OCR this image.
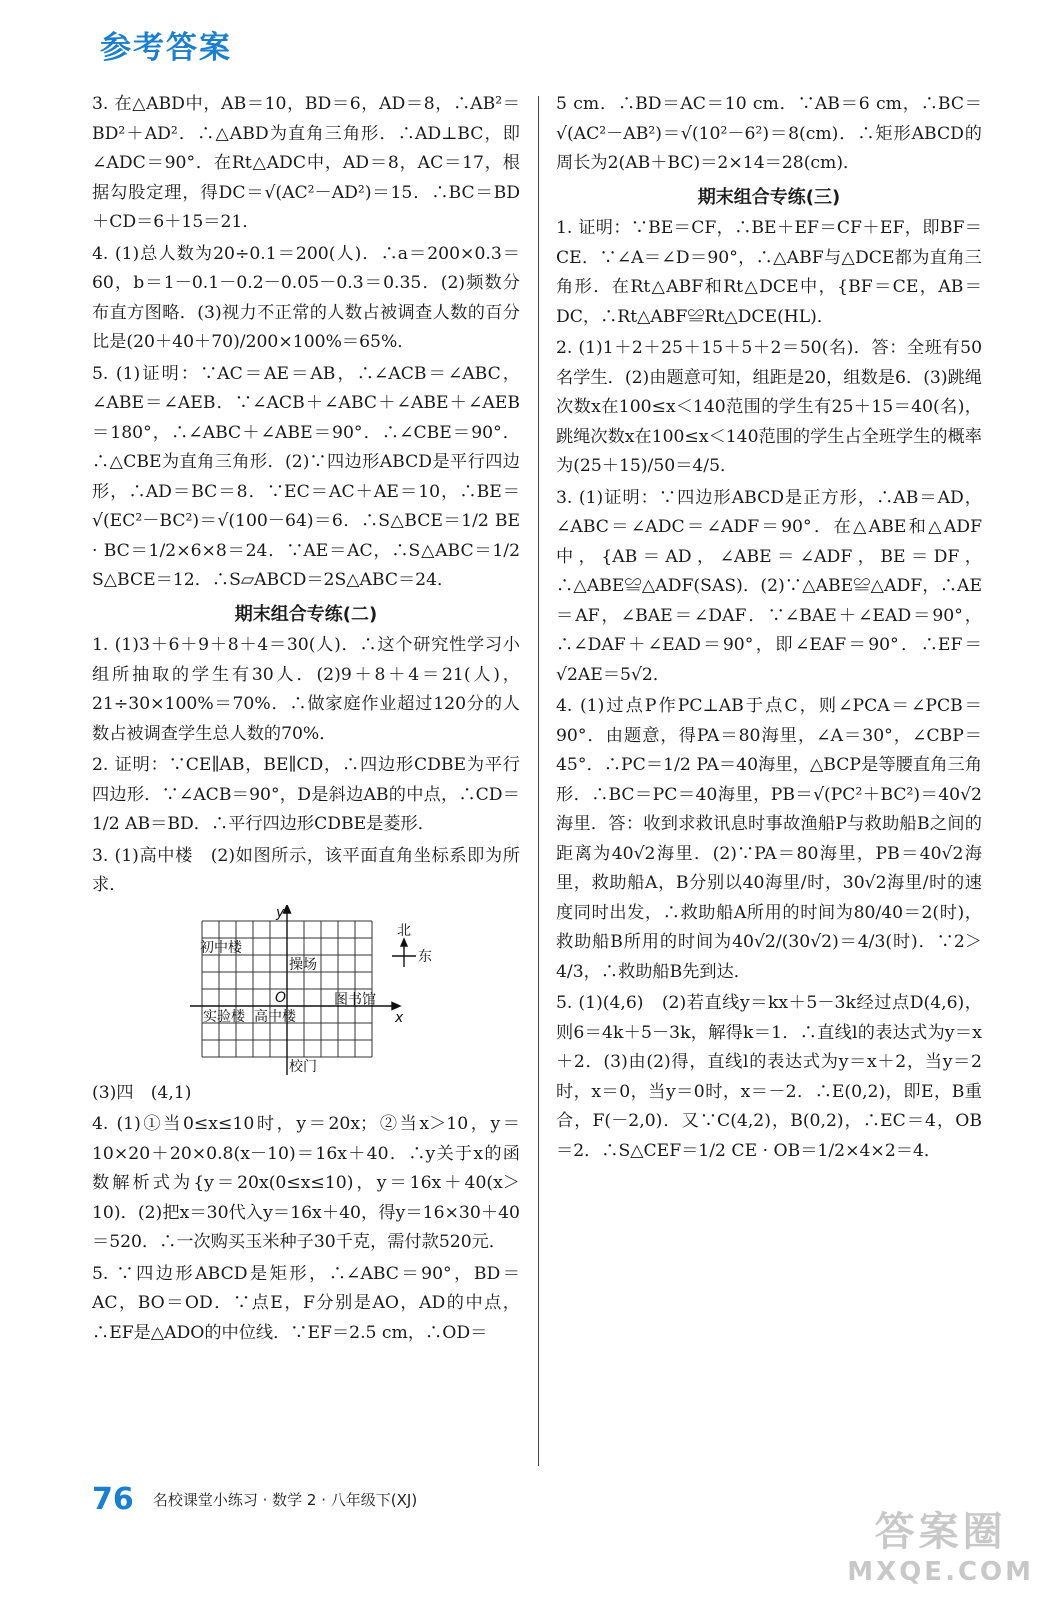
参考答案

3. 在△ABD中，AB＝10，BD＝6，AD＝8，∴AB²＝BD²＋AD²．∴△ABD为直角三角形．∴AD⊥BC，即∠ADC＝90°．在Rt△ADC中，AD＝8，AC＝17，根据勾股定理，得DC＝√(AC²－AD²)＝15．∴BC＝BD＋CD＝6＋15＝21．

4. (1)总人数为20÷0.1＝200(人)．∴a＝200×0.3＝60，b＝1－0.1－0.2－0.05－0.3＝0.35．(2)频数分布直方图略．(3)视力不正常的人数占被调查人数的百分比是(20＋40＋70)/200×100%＝65%．

5. (1)证明：∵AC＝AE＝AB，∴∠ACB＝∠ABC，∠ABE＝∠AEB．∵∠ACB＋∠ABC＋∠ABE＋∠AEB＝180°，∴∠ABC＋∠ABE＝90°．∴∠CBE＝90°．∴△CBE为直角三角形．(2)∵四边形ABCD是平行四边形，∴AD＝BC＝8．∵EC＝AC＋AE＝10，∴BE＝√(EC²－BC²)＝√(100－64)＝6．∴S△BCE＝1/2 BE · BC＝1/2×6×8＝24．∵AE＝AC，∴S△ABC＝1/2 S△BCE＝12．∴S▱ABCD＝2S△ABC＝24．

期末组合专练(二)

1. (1)3＋6＋9＋8＋4＝30(人)．∴这个研究性学习小组所抽取的学生有30人．(2)9＋8＋4＝21(人)，21÷30×100%＝70%．∴做家庭作业超过120分的人数占被调查学生总人数的70%．

2. 证明：∵CE∥AB，BE∥CD，∴四边形CDBE为平行四边形．∵∠ACB＝90°，D是斜边AB的中点，∴CD＝1/2 AB＝BD．∴平行四边形CDBE是菱形．

3. (1)高中楼　(2)如图所示，该平面直角坐标系即为所求．

y
x
O
北
东
初中楼
操场
图书馆
实验楼 高中楼
校门

(3)四　(4,1)

4. (1)①当0≤x≤10时，y＝20x；②当x＞10，y＝10×20＋20×0.8(x－10)＝16x＋40．∴y关于x的函数解析式为{y＝20x(0≤x≤10)，y＝16x＋40(x＞10)．(2)把x＝30代入y＝16x＋40，得y＝16×30＋40＝520．∴一次购买玉米种子30千克，需付款520元．

5. ∵四边形ABCD是矩形，∴∠ABC＝90°，BD＝AC，BO＝OD．∵点E，F分别是AO，AD的中点，∴EF是△ADO的中位线．∵EF＝2.5 cm，∴OD＝

5 cm．∴BD＝AC＝10 cm．∵AB＝6 cm，∴BC＝√(AC²－AB²)＝√(10²－6²)＝8(cm)．∴矩形ABCD的周长为2(AB＋BC)＝2×14＝28(cm)．

期末组合专练(三)

1. 证明：∵BE＝CF，∴BE＋EF＝CF＋EF，即BF＝CE．∵∠A＝∠D＝90°，∴△ABF与△DCE都为直角三角形．在Rt△ABF和Rt△DCE中，{BF＝CE，AB＝DC，∴Rt△ABF≌Rt△DCE(HL)．

2. (1)1＋2＋25＋15＋5＋2＝50(名)．答：全班有50名学生．(2)由题意可知，组距是20，组数是6．(3)跳绳次数x在100≤x＜140范围的学生有25＋15＝40(名)，跳绳次数x在100≤x＜140范围的学生占全班学生的概率为(25＋15)/50＝4/5．

3. (1)证明：∵四边形ABCD是正方形，∴AB＝AD，∠ABC＝∠ADC＝∠ADF＝90°．在△ABE和△ADF中，{AB＝AD，∠ABE＝∠ADF，BE＝DF，∴△ABE≌△ADF(SAS)．(2)∵△ABE≌△ADF，∴AE＝AF，∠BAE＝∠DAF．∵∠BAE＋∠EAD＝90°，∴∠DAF＋∠EAD＝90°，即∠EAF＝90°．∴EF＝√2AE＝5√2．

4. (1)过点P作PC⊥AB于点C，则∠PCA＝∠PCB＝90°．由题意，得PA＝80海里，∠A＝30°，∠CBP＝45°．∴PC＝1/2 PA＝40海里，△BCP是等腰直角三角形．∴BC＝PC＝40海里，PB＝√(PC²＋BC²)＝40√2海里．答：收到求救讯息时事故渔船P与救助船B之间的距离为40√2海里．(2)∵PA＝80海里，PB＝40√2海里，救助船A，B分别以40海里/时，30√2海里/时的速度同时出发，∴救助船A所用的时间为80/40＝2(时)，救助船B所用的时间为40√2/(30√2)＝4/3(时)．∵2＞4/3，∴救助船B先到达．

5. (1)(4,6)　(2)若直线y＝kx＋5－3k经过点D(4,6)，则6＝4k＋5－3k，解得k＝1．∴直线l的表达式为y＝x＋2．(3)由(2)得，直线l的表达式为y＝x＋2，当y＝2时，x＝0，当y＝0时，x＝－2．∴E(0,2)，即E，B重合，F(－2,0)．又∵C(4,2)，B(0,2)，∴EC＝4，OB＝2．∴S△CEF＝1/2 CE · OB＝1/2×4×2＝4．

76 名校课堂小练习 · 数学 2 · 八年级下(XJ)
答案圈
MXQE.COM
